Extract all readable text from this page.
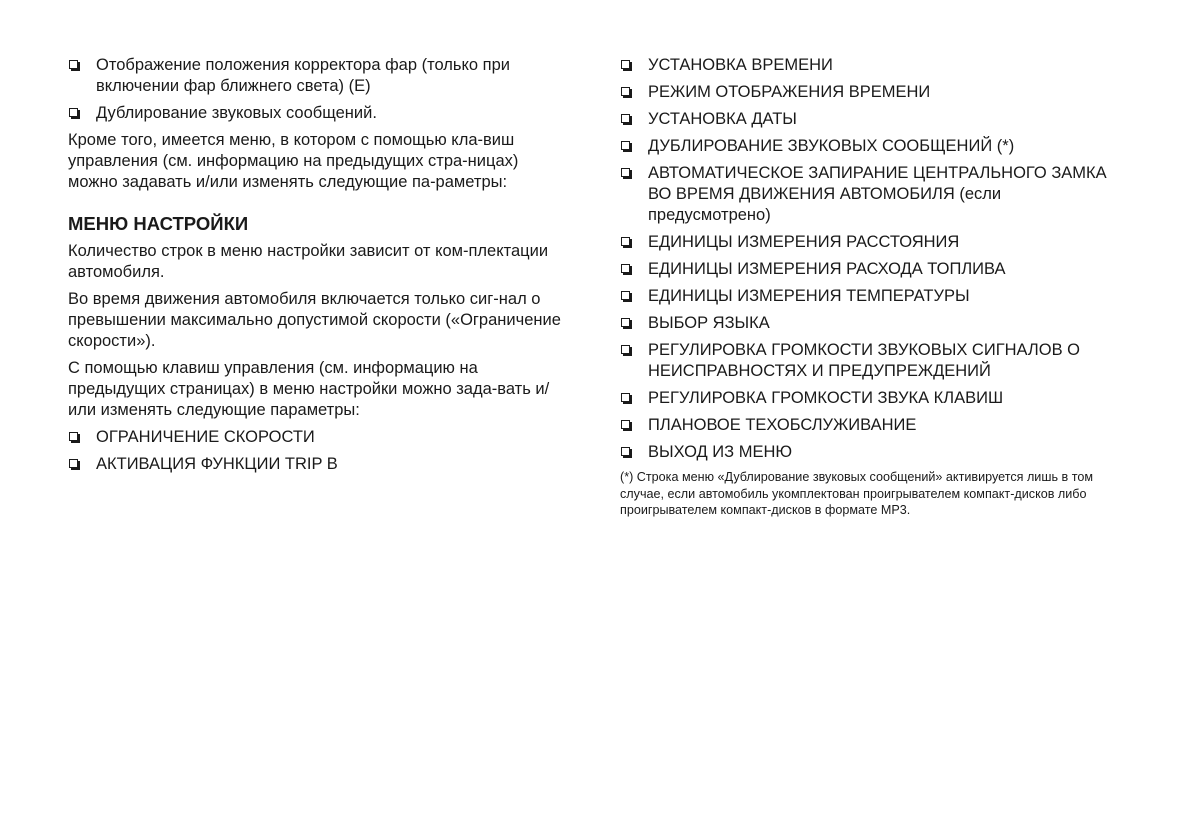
Отображение положения корректора фар (только при включении фар ближнего света) (E)
Дублирование звуковых сообщений.
Кроме того, имеется меню, в котором с помощью кла-виш управления (см. информацию на предыдущих стра-ницах) можно задавать и/или изменять следующие па-раметры:
МЕНЮ НАСТРОЙКИ
Количество строк в меню настройки зависит от ком-плектации автомобиля.
Во время движения автомобиля включается только сиг-нал о превышении максимально допустимой скорости («Ограничение скорости»).
С помощью клавиш управления (см. информацию на предыдущих страницах) в меню настройки можно зада-вать и/или изменять следующие параметры:
ОГРАНИЧЕНИЕ СКОРОСТИ
АКТИВАЦИЯ ФУНКЦИИ TRIP B
УСТАНОВКА ВРЕМЕНИ
РЕЖИМ ОТОБРАЖЕНИЯ ВРЕМЕНИ
УСТАНОВКА ДАТЫ
ДУБЛИРОВАНИЕ ЗВУКОВЫХ СООБЩЕНИЙ (*)
АВТОМАТИЧЕСКОЕ ЗАПИРАНИЕ ЦЕНТРАЛЬНОГО ЗАМКА ВО ВРЕМЯ ДВИЖЕНИЯ АВТОМОБИЛЯ (если предусмотрено)
ЕДИНИЦЫ ИЗМЕРЕНИЯ РАССТОЯНИЯ
ЕДИНИЦЫ ИЗМЕРЕНИЯ РАСХОДА ТОПЛИВА
ЕДИНИЦЫ ИЗМЕРЕНИЯ ТЕМПЕРАТУРЫ
ВЫБОР ЯЗЫКА
РЕГУЛИРОВКА ГРОМКОСТИ ЗВУКОВЫХ СИГНАЛОВ О НЕИСПРАВНОСТЯХ И ПРЕДУПРЕЖДЕНИЙ
РЕГУЛИРОВКА ГРОМКОСТИ ЗВУКА КЛАВИШ
ПЛАНОВОЕ ТЕХОБСЛУЖИВАНИЕ
ВЫХОД ИЗ МЕНЮ
(*) Строка меню «Дублирование звуковых сообщений» активируется лишь в том случае, если автомобиль укомплектован проигрывателем компакт-дисков либо проигрывателем компакт-дисков в формате MP3.
